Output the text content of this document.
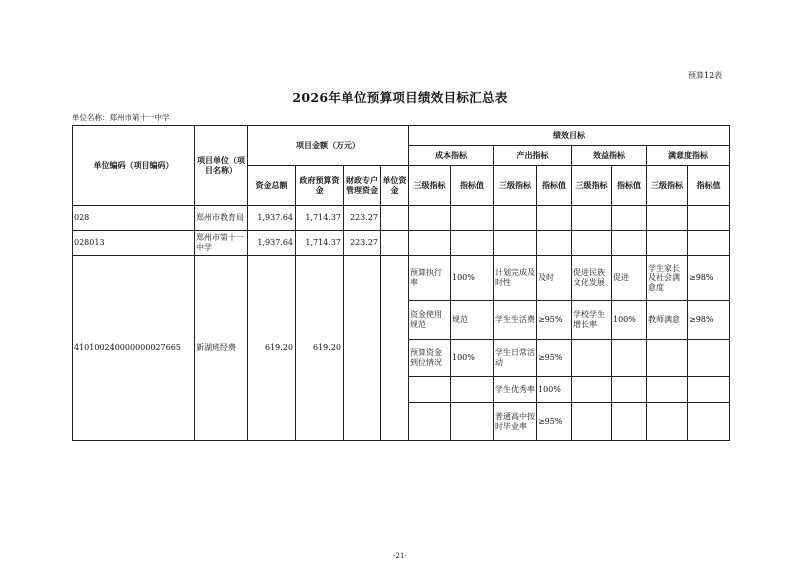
预算12表
2026年单位预算项目绩效目标汇总表
单位名称：郑州市第十一中学
单位编码（项目编码）	项目单位（项目名称）	项目金额（万元）				绩效目标							
						成本指标		产出指标		效益指标		满意度指标	
		资金总额	政府预算资金	财政专户管理资金	单位资金	三级指标	指标值	三级指标	指标值	三级指标	指标值	三级指标	指标值
028	郑州市教育局	1,937.64	1,714.37	223.27									
028013	郑州市第十一中学	1,937.64	1,714.37	223.27									
410100240000000027665	新湖班经费	619.20	619.20			预算执行率	100%	计划完成及时性	及时	促进民族文化发展	促进	学生家长及社会满意度	≥98%
						资金使用规范	规范	学生生活费	≥95%	学校学生增长率	100%	教师满意	≥98%
						预算资金到位情况	100%	学生日常活动	≥95%				
								学生优秀率	100%				
								普通高中按时毕业率	≥95%				
-21-
